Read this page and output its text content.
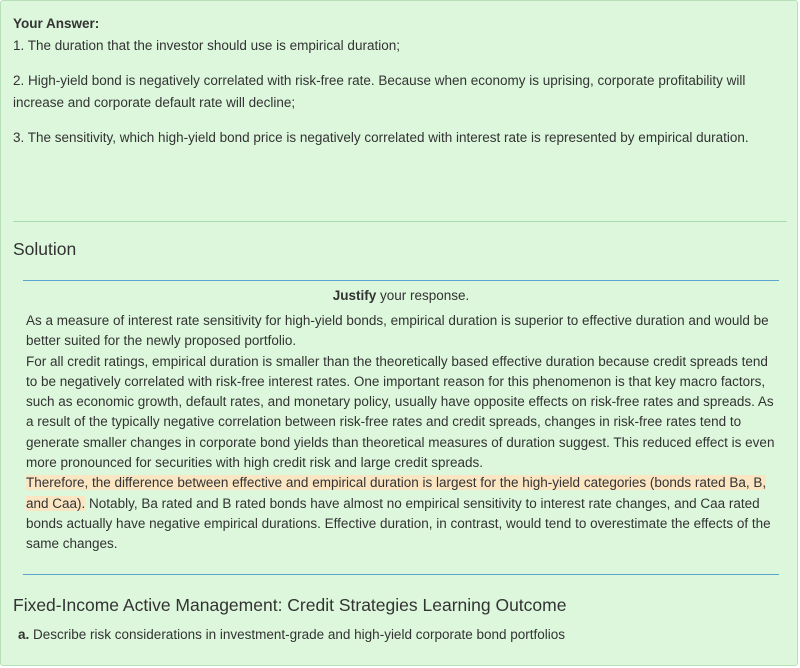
Your Answer:

1. The duration that the investor should use is empirical duration;

2. High-yield bond is negatively correlated with risk-free rate. Because when economy is uprising, corporate profitability will increase and corporate default rate will decline;

3. The sensitivity, which high-yield bond price is negatively correlated with interest rate is represented by empirical duration.

Solution
Justify your response.

As a measure of interest rate sensitivity for high-yield bonds, empirical duration is superior to effective duration and would be better suited for the newly proposed portfolio.

For all credit ratings, empirical duration is smaller than the theoretically based effective duration because credit spreads tend to be negatively correlated with risk-free interest rates. One important reason for this phenomenon is that key macro factors, such as economic growth, default rates, and monetary policy, usually have opposite effects on risk-free rates and spreads. As a result of the typically negative correlation between risk-free rates and credit spreads, changes in risk-free rates tend to generate smaller changes in corporate bond yields than theoretical measures of duration suggest. This reduced effect is even more pronounced for securities with high credit risk and large credit spreads.

Therefore, the difference between effective and empirical duration is largest for the high-yield categories (bonds rated Ba, B, and Caa). Notably, Ba rated and B rated bonds have almost no empirical sensitivity to interest rate changes, and Caa rated bonds actually have negative empirical durations. Effective duration, in contrast, would tend to overestimate the effects of the same changes.

Fixed-Income Active Management: Credit Strategies Learning Outcome
a. Describe risk considerations in investment-grade and high-yield corporate bond portfolios
